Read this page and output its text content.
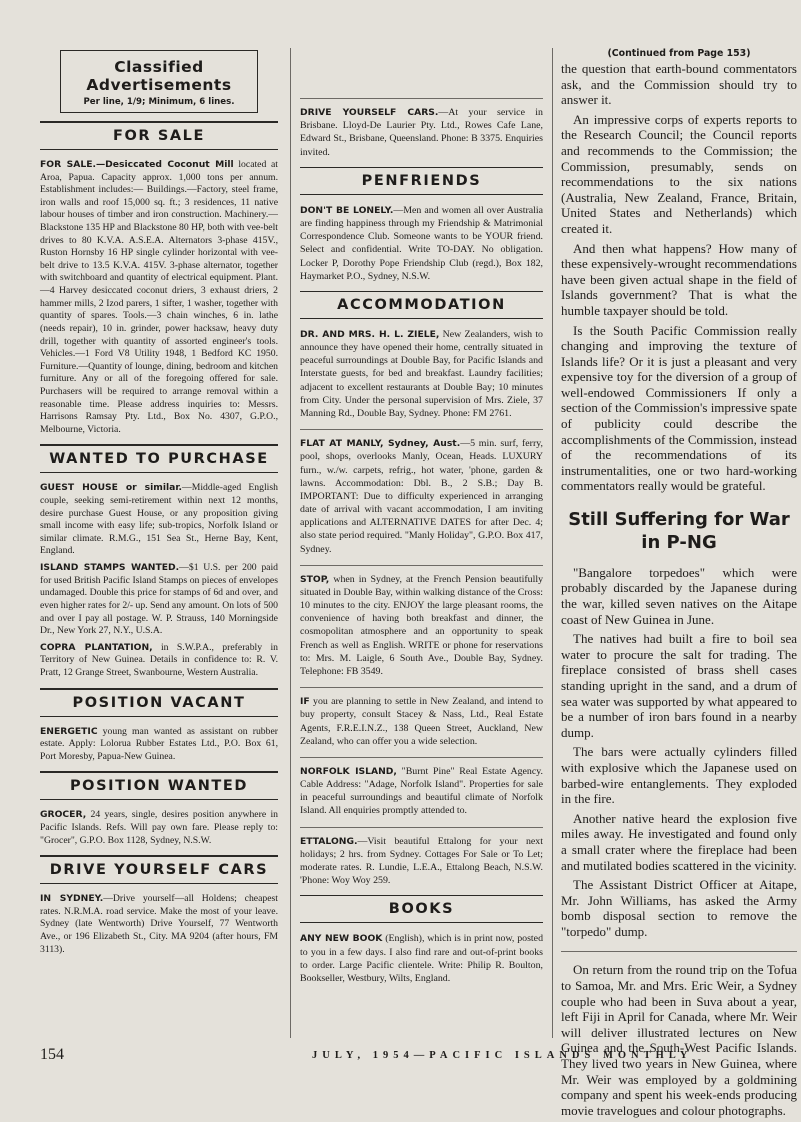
Classified Advertisements
Per line, 1/9; Minimum, 6 lines.
FOR SALE

FOR SALE.—Desiccated Coconut Mill located at Aroa, Papua. Capacity approx. 1,000 tons per annum. Establishment includes:— Buildings.—Factory, steel frame, iron walls and roof 15,000 sq. ft.; 3 residences, 11 native labour houses of timber and iron construction. Machinery.—Blackstone 135 HP and Blackstone 80 HP, both with vee-belt drives to 80 K.V.A. A.S.E.A. Alternators 3-phase 415V., Ruston Hornsby 16 HP single cylinder horizontal with vee-belt drive to 13.5 K.V.A. 415V. 3-phase alternator, together with switchboard and quantity of electrical equipment. Plant.—4 Harvey desiccated coconut driers, 3 exhaust driers, 2 hammer mills, 2 Izod parers, 1 sifter, 1 washer, together with quantity of spares. Tools.—3 chain winches, 6 in. lathe (needs repair), 10 in. grinder, power hacksaw, heavy duty drill, together with quantity of assorted engineer's tools. Vehicles.—1 Ford V8 Utility 1948, 1 Bedford KC 1950. Furniture.—Quantity of lounge, dining, bedroom and kitchen furniture. Any or all of the foregoing offered for sale. Purchasers will be required to arrange removal within a reasonable time. Please address inquiries to: Messrs. Harrisons Ramsay Pty. Ltd., Box No. 4307, G.P.O., Melbourne, Victoria.

WANTED TO PURCHASE

GUEST HOUSE or similar.—Middle-aged English couple, seeking semi-retirement within next 12 months, desire purchase Guest House, or any proposition giving small income with easy life; sub-tropics, Norfolk Island or similar climate. R.M.G., 151 Sea St., Herne Bay, Kent, England.

ISLAND STAMPS WANTED.—$1 U.S. per 200 paid for used British Pacific Island Stamps on pieces of envelopes undamaged. Double this price for stamps of 6d and over, and even higher rates for 2/- up. Send any amount. On lots of 500 and over I pay all postage. W. P. Strauss, 140 Morningside Dr., New York 27, N.Y., U.S.A.

COPRA PLANTATION, in S.W.P.A., preferably in Territory of New Guinea. Details in confidence to: R. V. Pratt, 12 Grange Street, Swanbourne, Western Australia.

POSITION VACANT

ENERGETIC young man wanted as assistant on rubber estate. Apply: Loloruа Rubber Estates Ltd., P.O. Box 61, Port Moresby, Papua-New Guinea.

POSITION WANTED

GROCER, 24 years, single, desires position anywhere in Pacific Islands. Refs. Will pay own fare. Please reply to: "Grocer", G.P.O. Box 1128, Sydney, N.S.W.

DRIVE YOURSELF CARS

IN SYDNEY.—Drive yourself—all Holdens; cheapest rates. N.R.M.A. road service. Make the most of your leave. Sydney (late Wentworth) Drive Yourself, 77 Wentworth Ave., or 196 Elizabeth St., City. MA 9204 (after hours, FM 3113).

DRIVE YOURSELF CARS.—At your service in Brisbane. Lloyd-De Laurier Pty. Ltd., Rowes Cafe Lane, Edward St., Brisbane, Queensland. Phone: B 3375. Enquiries invited.

PENFRIENDS

DON'T BE LONELY.—Men and women all over Australia are finding happiness through my Friendship & Matrimonial Correspondence Club. Someone wants to be YOUR friend. Select and confidential. Write TO-DAY. No obligation. Locker P, Dorothy Pope Friendship Club (regd.), Box 182, Haymarket P.O., Sydney, N.S.W.

ACCOMMODATION

DR. AND MRS. H. L. ZIELE, New Zealanders, wish to announce they have opened their home, centrally situated in peaceful surroundings at Double Bay, for Pacific Islands and Interstate guests, for bed and breakfast. Laundry facilities; adjacent to excellent restaurants at Double Bay; 10 minutes from City. Under the personal supervision of Mrs. Ziele, 37 Manning Rd., Double Bay, Sydney. Phone: FM 2761.

FLAT AT MANLY, Sydney, Aust.—5 min. surf, ferry, pool, shops, overlooks Manly, Ocean, Heads. LUXURY furn., w./w. carpets, refrig., hot water, 'phone, garden & lawns. Accommodation: Dbl. B., 2 S.B.; Day B. IMPORTANT: Due to difficulty experienced in arranging date of arrival with vacant accommodation, I am inviting applications and ALTERNATIVE DATES for after Dec. 4; also state period required. "Manly Holiday", G.P.O. Box 417, Sydney.

STOP, when in Sydney, at the French Pension beautifully situated in Double Bay, within walking distance of the Cross: 10 minutes to the city. ENJOY the large pleasant rooms, the convenience of having both breakfast and dinner, the cosmopolitan atmosphere and an opportunity to speak French as well as English. WRITE or phone for reservations to: Mrs. M. Laigle, 6 South Ave., Double Bay, Sydney. Telephone: FB 3549.

IF you are planning to settle in New Zealand, and intend to buy property, consult Stacey & Nass, Ltd., Real Estate Agents, F.R.E.I.N.Z., 138 Queen Street, Auckland, New Zealand, who can offer you a wide selection.

NORFOLK ISLAND, "Burnt Pine" Real Estate Agency. Cable Address: "Adage, Norfolk Island". Properties for sale in peaceful surroundings and beautiful climate of Norfolk Island. All enquiries promptly attended to.

ETTALONG.—Visit beautiful Ettalong for your next holidays; 2 hrs. from Sydney. Cottages For Sale or To Let; moderate rates. R. Lundie, L.E.A., Ettalong Beach, N.S.W. 'Phone: Woy Woy 259.

BOOKS

ANY NEW BOOK (English), which is in print now, posted to you in a few days. I also find rare and out-of-print books to order. Large Pacific clientele. Write: Philip R. Boulton, Bookseller, Westbury, Wilts, England.

(Continued from Page 153)

the question that earth-bound commentators ask, and the Commission should try to answer it.

An impressive corps of experts reports to the Research Council; the Council reports and recommends to the Commission; the Commission, presumably, sends on recommendations to the six nations (Australia, New Zealand, France, Britain, United States and Netherlands) which created it.

And then what happens? How many of these expensively-wrought recommendations have been given actual shape in the field of Islands government? That is what the humble taxpayer should be told.

Is the South Pacific Commission really changing and improving the texture of Islands life? Or it is just a pleasant and very expensive toy for the diversion of a group of well-endowed Commissioners If only a section of the Commission's impressive spate of publicity could describe the accomplishments of the Commission, instead of the recommendations of its instrumentalities, one or two hard-working commentators really would be grateful.

Still Suffering for War in P-NG

"Bangalore torpedoes" which were probably discarded by the Japanese during the war, killed seven natives on the Aitape coast of New Guinea in June.

The natives had built a fire to boil sea water to procure the salt for trading. The fireplace consisted of brass shell cases standing upright in the sand, and a drum of sea water was supported by what appeared to be a number of iron bars found in a nearby dump.

The bars were actually cylinders filled with explosive which the Japanese used on barbed-wire entanglements. They exploded in the fire.

Another native heard the explosion five miles away. He investigated and found only a small crater where the fireplace had been and mutilated bodies scattered in the vicinity.

The Assistant District Officer at Aitape, Mr. John Williams, has asked the Army bomb disposal section to remove the "torpedo" dump.

On return from the round trip on the Tofua to Samoa, Mr. and Mrs. Eric Weir, a Sydney couple who had been in Suva about a year, left Fiji in April for Canada, where Mr. Weir will deliver illustrated lectures on New Guinea and the South-West Pacific Islands. They lived two years in New Guinea, where Mr. Weir was employed by a goldmining company and spent his week-ends producing movie travelogues and colour photographs.

154	JULY, 1954—PACIFIC ISLANDS MONTHLY
